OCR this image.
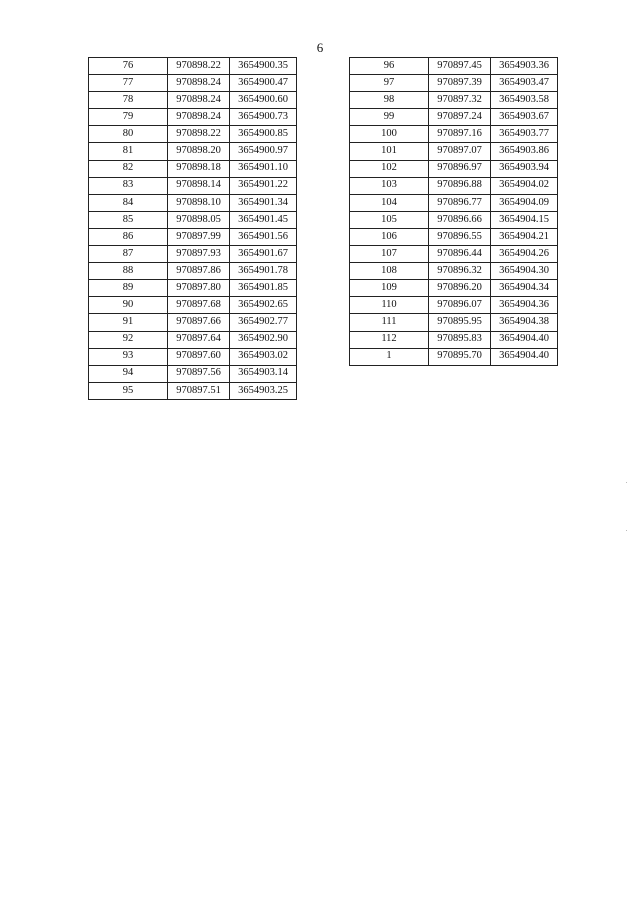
6
76	970898.22	3654900.35
77	970898.24	3654900.47
78	970898.24	3654900.60
79	970898.24	3654900.73
80	970898.22	3654900.85
81	970898.20	3654900.97
82	970898.18	3654901.10
83	970898.14	3654901.22
84	970898.10	3654901.34
85	970898.05	3654901.45
86	970897.99	3654901.56
87	970897.93	3654901.67
88	970897.86	3654901.78
89	970897.80	3654901.85
90	970897.68	3654902.65
91	970897.66	3654902.77
92	970897.64	3654902.90
93	970897.60	3654903.02
94	970897.56	3654903.14
95	970897.51	3654903.25
96	970897.45	3654903.36
97	970897.39	3654903.47
98	970897.32	3654903.58
99	970897.24	3654903.67
100	970897.16	3654903.77
101	970897.07	3654903.86
102	970896.97	3654903.94
103	970896.88	3654904.02
104	970896.77	3654904.09
105	970896.66	3654904.15
106	970896.55	3654904.21
107	970896.44	3654904.26
108	970896.32	3654904.30
109	970896.20	3654904.34
110	970896.07	3654904.36
111	970895.95	3654904.38
112	970895.83	3654904.40
1	970895.70	3654904.40
